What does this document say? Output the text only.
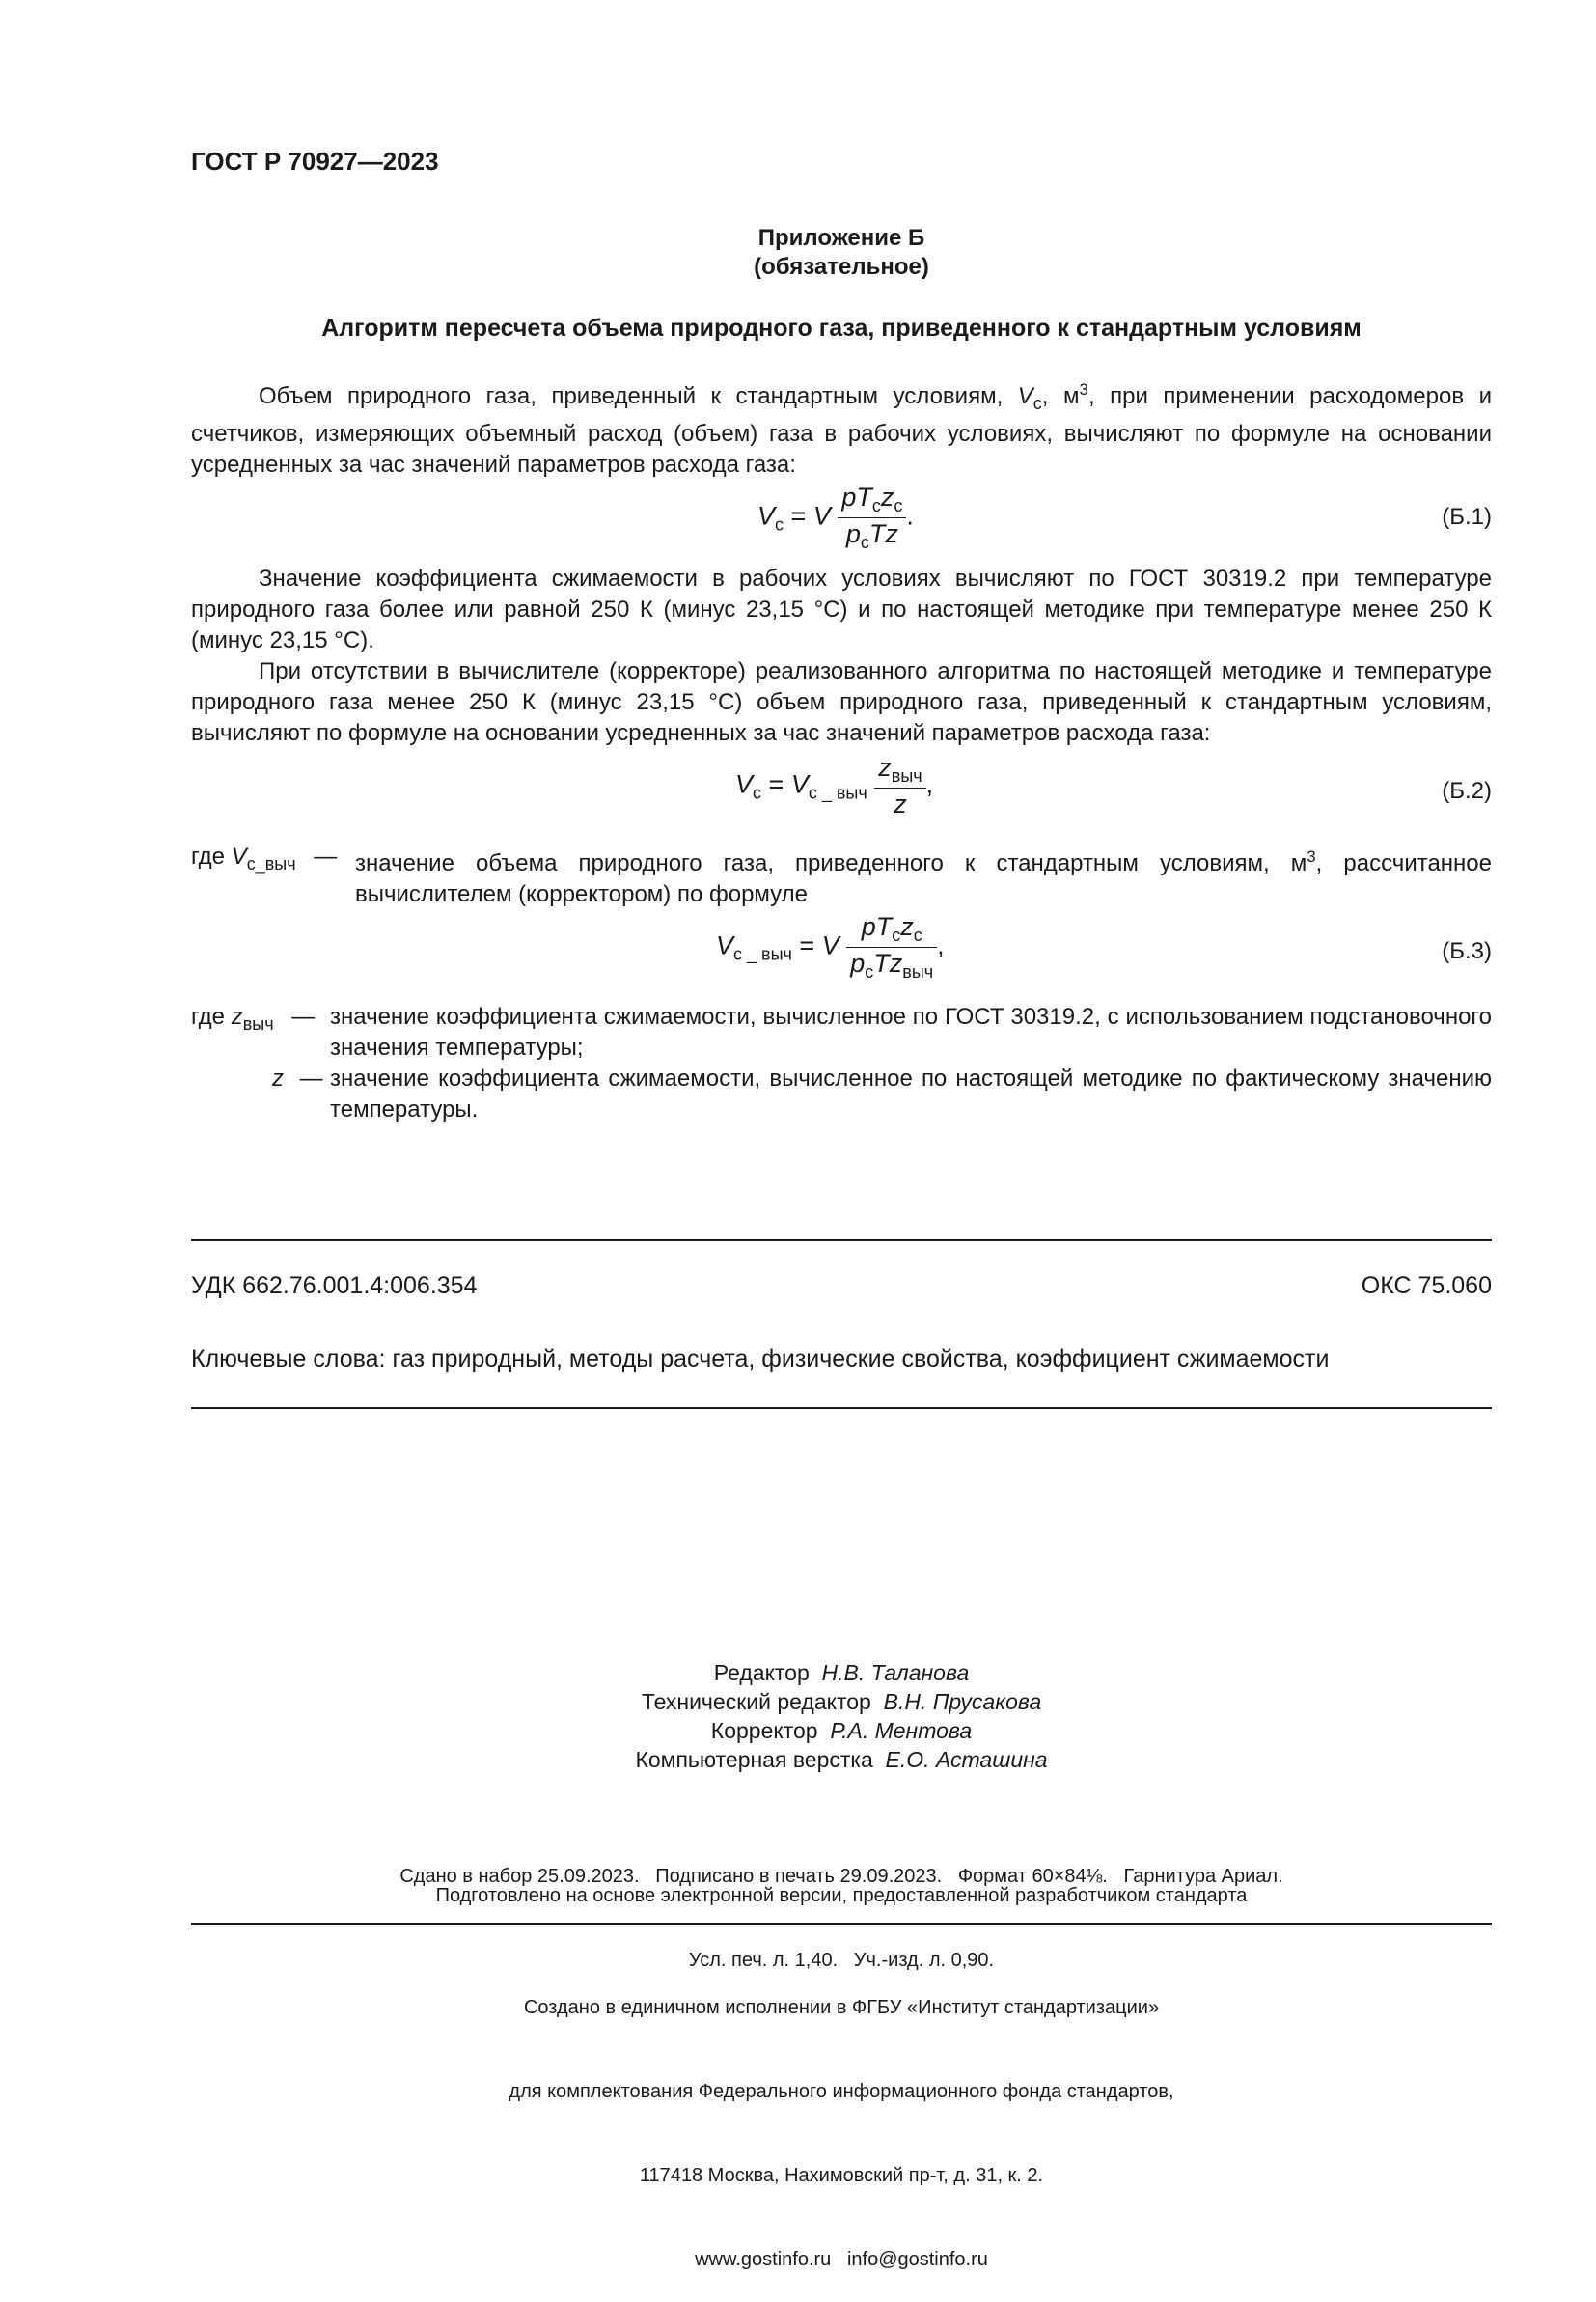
ГОСТ Р 70927—2023
Приложение Б
(обязательное)
Алгоритм пересчета объема природного газа, приведенного к стандартным условиям
Объем природного газа, приведенный к стандартным условиям, $V_с$, $м^3$, при применении расходомеров и счетчиков, измеряющих объемный расход (объем) газа в рабочих условиях, вычисляют по формуле на основании усредненных за час значений параметров расхода газа:
$V_с = V \frac{pT_сz_с}{p_сTz}$ .	(Б.1)
Значение коэффициента сжимаемости в рабочих условиях вычисляют по ГОСТ 30319.2 при температуре природного газа более или равной 250 К (минус 23,15 °С) и по настоящей методике при температуре менее 250 К (минус 23,15 °С).
При отсутствии в вычислителе (корректоре) реализованного алгоритма по настоящей методике и температуре природного газа менее 250 К (минус 23,15 °С) объем природного газа, приведенный к стандартным условиям, вычисляют по формуле на основании усредненных за час значений параметров расхода газа:
$V_с = V_{с \_ выч} \frac{z_{выч}}{z}$ ,	(Б.2)
где $V_{с\_выч}$ — значение объема природного газа, приведенного к стандартным условиям, $м^3$, рассчитанное вычислителем (корректором) по формуле
$V_{с \_ выч} = V \frac{pT_сz_с}{p_сTz_{выч}}$ ,	(Б.3)
где $z_{выч}$ — значение коэффициента сжимаемости, вычисленное по ГОСТ 30319.2, с использованием подстановочного значения температуры;
z — значение коэффициента сжимаемости, вычисленное по настоящей методике по фактическому значению температуры.
УДК 662.76.001.4:006.354	ОКС 75.060
Ключевые слова: газ природный, методы расчета, физические свойства, коэффициент сжимаемости
Редактор Н.В. Таланова
Технический редактор В.Н. Прусакова
Корректор Р.А. Ментова
Компьютерная верстка Е.О. Асташина

Сдано в набор 25.09.2023.   Подписано в печать 29.09.2023.   Формат 60×84⅛.   Гарнитура Ариал.

Усл. печ. л. 1,40.   Уч.-изд. л. 0,90.

Подготовлено на основе электронной версии, предоставленной разработчиком стандарта

Создано в единичном исполнении в ФГБУ «Институт стандартизации»

для комплектования Федерального информационного фонда стандартов,

117418 Москва, Нахимовский пр-т, д. 31, к. 2.

www.gostinfo.ru   info@gostinfo.ru
